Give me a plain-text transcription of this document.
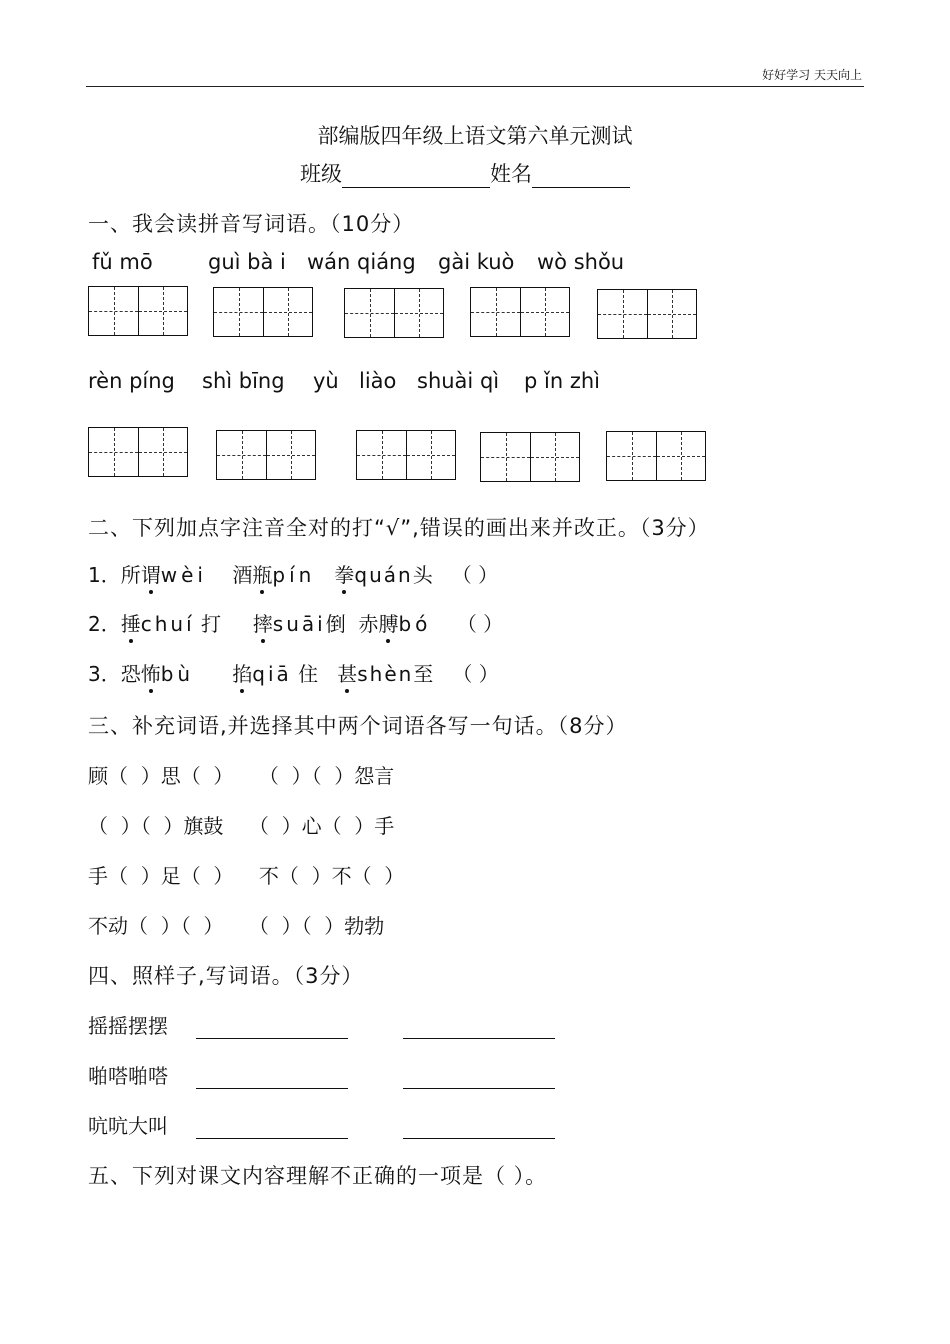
好好学习 天天向上
部编版四年级上语文第六单元测试
班级	姓名
一、我会读拼音写词语。（10分）
fǔ mō	guì bà i wán qiáng gài kuò wò shǒu
rèn píng shì bīng yù liào shuài qì p ǐn zhì
二、下列加点字注音全对的打“√”,错误的画出来并改正。（3分）
1．所谓wèi 酒瓶pín 拳quán头 （ ）
2．捶chuí 打 摔suāi倒 赤膊bó （ ）
3．恐怖bù 掐qiā 住 甚shèn至 （ ）
三、补充词语,并选择其中两个词语各写一句话。（8分）
顾（  ）思（  ）    （  ）（  ）怨言
（  ）（  ）旗鼓    （  ）心（  ）手
手（  ）足（  ）    不（  ）不（  ）
不动（  ）（  ）    （  ）（  ）勃勃
四、照样子,写词语。（3分）
摇摇摆摆
啪嗒啪嗒
吭吭大叫
五、下列对课文内容理解不正确的一项是（ ）。
